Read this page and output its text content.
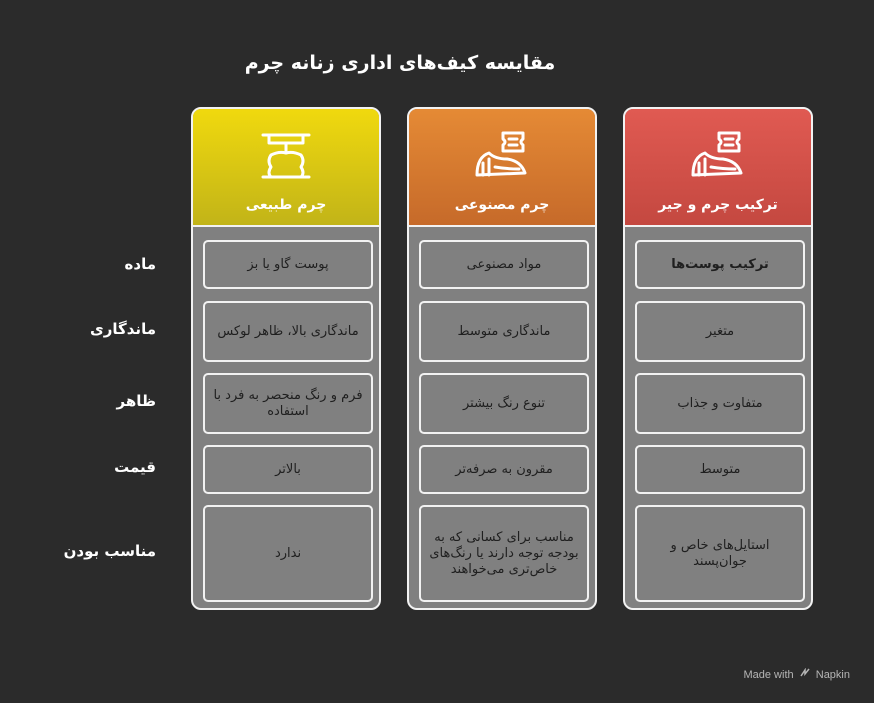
مقایسه کیف‌های اداری زنانه چرم
ماده
ماندگاری
ظاهر
قیمت
مناسب بودن
چرم طبیعی
پوست گاو یا بز
ماندگاری بالا، ظاهر لوکس
فرم و رنگ منحصر به فرد با استفاده
بالاتر
ندارد
چرم مصنوعی
مواد مصنوعی
ماندگاری متوسط
تنوع رنگ بیشتر
مقرون به صرفه‌تر
مناسب برای کسانی که به بودجه توجه دارند یا رنگ‌های خاص‌تری می‌خواهند
ترکیب چرم و جیر
ترکیب پوست‌ها
متغیر
متفاوت و جذاب
متوسط
استایل‌های خاص و جوان‌پسند
Made with Napkin
